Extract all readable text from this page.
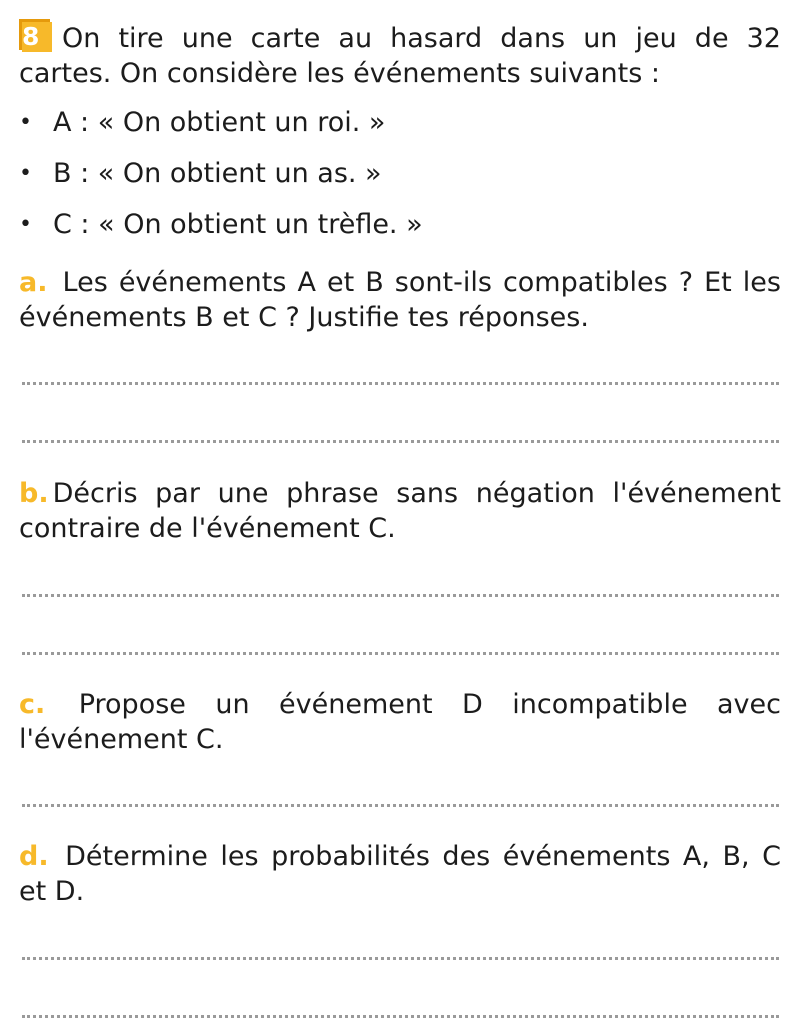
8 On tire une carte au hasard dans un jeu de 32 cartes. On considère les événements suivants :

• A : « On obtient un roi. »
• B : « On obtient un as. »
• C : « On obtient un trèfle. »

a. Les événements A et B sont-ils compatibles ? Et les événements B et C ? Justifie tes réponses.

b. Décris par une phrase sans négation l'événement contraire de l'événement C.

c. Propose un événement D incompatible avec l'événement C.

d. Détermine les probabilités des événements A, B, C et D.
